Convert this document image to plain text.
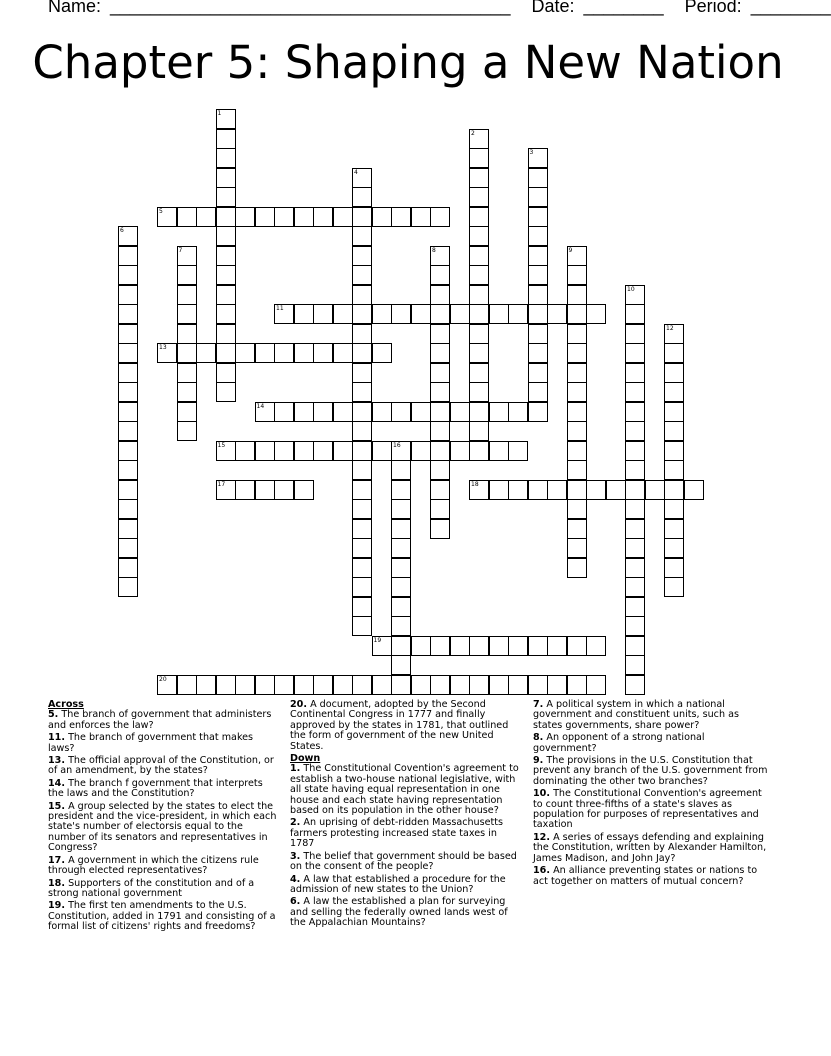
Name: ________________________________________ Date: ________ Period: ________
Chapter 5: Shaping a New Nation
1
2
3
4
5
6
7	8	9
10
11
12
13
14
15	16
17	18
19
20
Across
5. The branch of government that administers and enforces the law?
11. The branch of government that makes laws?
13. The official approval of the Constitution, or of an amendment, by the states?
14. The branch f government that interprets the laws and the Constitution?
15. A group selected by the states to elect the president and the vice-president, in which each state's number of electorsis equal to the number of its senators and representatives in Congress?
17. A government in which the citizens rule through elected representatives?
18. Supporters of the constitution and of a strong national government
19. The first ten amendments to the U.S. Constitution, added in 1791 and consisting of a formal list of citizens' rights and freedoms?
20. A document, adopted by the Second Continental Congress in 1777 and finally approved by the states in 1781, that outlined the form of government of the new United States.
Down
1. The Constitutional Covention's agreement to establish a two-house national legislative, with all state having equal representation in one house and each state having representation based on its population in the other house?
2. An uprising of debt-ridden Massachusetts farmers protesting increased state taxes in 1787
3. The belief that government should be based on the consent of the people?
4. A law that established a procedure for the admission of new states to the Union?
6. A law the established a plan for surveying and selling the federally owned lands west of the Appalachian Mountains?
7. A political system in which a national government and constituent units, such as states governments, share power?
8. An opponent of a strong national government?
9. The provisions in the U.S. Constitution that prevent any branch of the U.S. government from dominating the other two branches?
10. The Constitutional Convention's agreement to count three-fifths of a state's slaves as population for purposes of representatives and taxation
12. A series of essays defending and explaining the Constitution, written by Alexander Hamilton, James Madison, and John Jay?
16. An alliance preventing states or nations to act together on matters of mutual concern?
